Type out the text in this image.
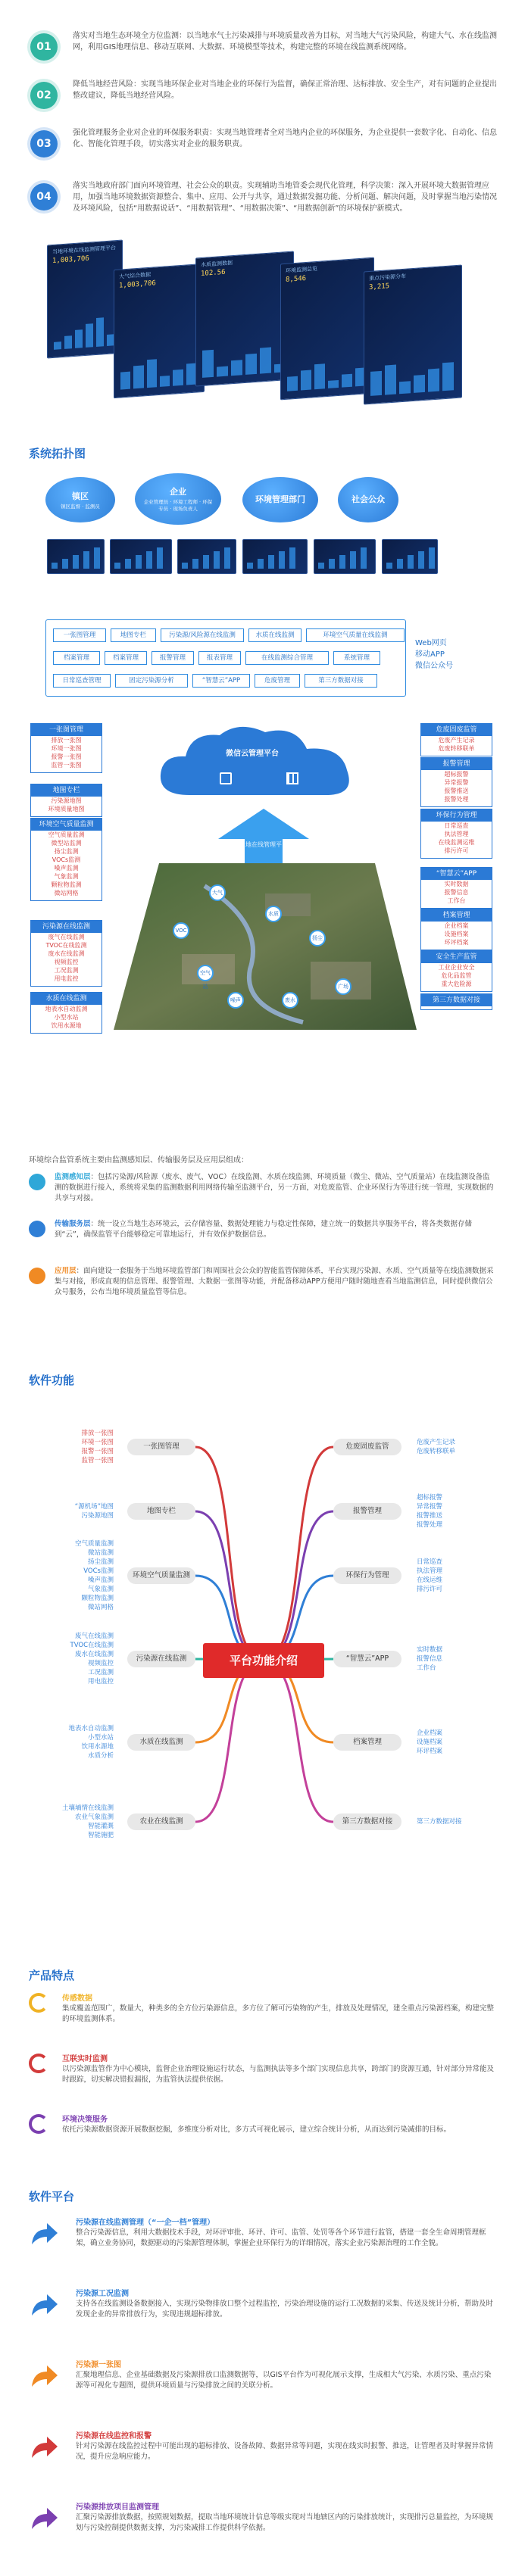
01
落实对当地生态环境全方位监测：以当地水气土污染减排与环境质量改善为目标，对当地大气污染风险，构建大气、水在线监测网，利用GIS地理信息、移动互联网、大数据、环境模型等技术，构建完整的环境在线监测系统网络。
02
降低当地经营风险：实现当地环保企业对当地企业的环保行为监督，确保正常治理、达标排放、安全生产，对有问题的企业提出整改建议，降低当地经营风险。
03
强化管理服务企业对企业的环保服务职责：实现当地管理者全对当地内企业的环保服务，为企业提供一套数字化、自动化、信息化、智能化管理手段，切实落实对企业的服务职责。
04
落实当地政府部门面向环境管理、社会公众的职责。实现辅助当地管委会现代化管理，科学决策：深入开展环境大数据管理应用，加强当地环境数据资源整合、集中、应用、公开与共享，通过数据发掘功能、分析问题、解决问题，及时掌握当地污染情况及环境风险，包括“用数据说话”、“用数据管理”、“用数据决策”、“用数据创新”的环境保护新模式。
当地环境在线监测管理平台
1,003,706
大气综合数据
1,003,706
水质监测数据
102.56	环境监测总览
8,546	重点污染源分布
3,215
系统拓扑图
镇区
镇区监督 · 监测员
企业
企业管理员 · 环境工程师 · 环保专员 · 现场负责人
环境管理部门	社会公众
一张图管理	地图专栏	污染源/风险源在线监测	水质在线监测	环境空气质量在线监测
档案管理	档案管理	报警管理	报表管理	在线监测综合管理	系统管理
日常巡查管理	固定污染源分析	“智慧云”APP	危废管理	第三方数据对接
Web网页
移动APP
微信公众号
微信云管理平台
当地在线管理平台
大气
VOC
水质
扬尘
空气站
噪声	废水
广场
一张图管理
排放一张图
环境一张图
报警一张图
监管一张图
地图专栏
污染源地图
环境质量地图
环境空气质量监测
空气质量监测
微型站监测
扬尘监测
VOCs监测
噪声监测
气象监测
颗粒物监测
微站网格
污染源在线监测
废气在线监测
TVOC在线监测
废水在线监测
视频监控
工况监测
用电监控
水质在线监测
地表水自动监测
小型水站
饮用水源地
危废固废监管
危废产生记录
危废转移联单
报警管理
超标报警
异常报警
报警推送
报警处理
环保行为管理
日常巡查
执法管理
在线监测运维
排污许可
“智慧云”APP
实时数据
报警信息
工作台
档案管理
企业档案
设施档案
环评档案
安全生产监管
工业企业安全
危化品监管
重大危险源
第三方数据对接
环境综合监管系统主要由监测感知层、传输服务层及应用层组成：
监测感知层：包括污染源/风险源（废水、废气、VOC）在线监测、水质在线监测、环境质量（微尘、微站、空气质量站）在线监测设备监测的数据进行接入，系统将采集的监测数据利用网络传输至监测平台，另一方面，对危废监管、企业环保行为等进行统一管理，实现数据的共享与对接。
传输服务层：统一设立当地生态环境云，云存储容量、数据处理能力与稳定性保障，建立统一的数据共享服务平台，将各类数据存储到“云”，确保监管平台能够稳定可靠地运行，并有效保护数据信息。
应用层：面向建设一套服务于当地环境监管部门和周围社会公众的智能监管保障体系，平台实现污染源、水质、空气质量等在线监测数据采集与对接，形成直观的信息管理、报警管理、大数据一张图等功能，并配备移动APP方便用户随时随地查看当地监测信息，同时提供微信公众号服务，公布当地环境质量监管等信息。
软件功能
一张图管理
排放一张图
环境一张图
报警一张图
监管一张图
地图专栏
“源机场”地图
污染源地图
环境空气质量监测
空气质量监测
微站监测
扬尘监测
VOCs监测
噪声监测
气象监测
颗粒物监测
微站网格
污染源在线监测
废气在线监测
TVOC在线监测
废水在线监测
视频监控
工况监测
用电监控
水质在线监测
地表水自动监测
小型水站
饮用水源地
水质分析
农业在线监测
土壤墒情在线监测
农业气象监测
智能灌溉
智能施肥
危废固废监管	危废产生记录
危废转移联单
报警管理
超标报警
异常报警
报警推送
报警处理
环保行为管理
日常巡查
执法管理
在线运维
排污许可
“智慧云”APP
实时数据
报警信息
工作台
档案管理
企业档案
设施档案
环评档案
第三方数据对接	第三方数据对接
平台功能介绍
产品特点
传感数据
集成覆盖范围广，数量大，种类多的全方位污染源信息，多方位了解可污染物的产生，排放及处理情况，建全重点污染源档案，构建完整的环境监测体系。
互联实时监测
以污染源监管作为中心模块，监督企业治理设施运行状态，与监测执法等多个部门实现信息共享，跨部门的资源互通，针对部分异常能及时跟踪，切实解决错报漏报，为监管执法提供依据。
环境决策服务
依托污染源数据资源开展数据挖掘，多维度分析对比，多方式可视化展示，建立综合统计分析，从而达到污染减排的目标。
软件平台
污染源在线监测管理（“一企一档”管理）
整合污染源信息，利用大数据技术手段，对环评审批、环评、许可、监管、处罚等各个环节进行监管，搭建一套全生命周期管理框架，确立业务协同，数据驱动的污染源管理体制，掌握企业环保行为的详细情况，落实企业污染源治理的工作全貌。
污染源工况监测
支持各在线监测设备数据接入，实现污染物排放口整个过程监控，污染治理设施的运行工况数据的采集、传送及统计分析，帮助及时发现企业的异常排放行为，实现违规超标排放。
污染源一张图
汇聚地理信息、企业基础数据及污染源排放口监测数据等，以GIS平台作为可视化展示支撑，生成相大气污染、水质污染、重点污染源等可视化专题图，提供环境质量与污染排放之间的关联分析。
污染源在线监控和报警
针对污染源在线监控过程中可能出现的超标排放、设备故障、数据异常等问题，实现在线实时报警、推送，让管理者及时掌握异常情况，提升应急响应能力。
污染源排放项目监测管理
汇聚污染源排放数据，按照规划数据，提取当地环境统计信息等级实现对当地辖区内的污染排放统计，实现排污总量监控，为环境规划与污染控制提供数据支撑，为污染减排工作提供科学依据。
